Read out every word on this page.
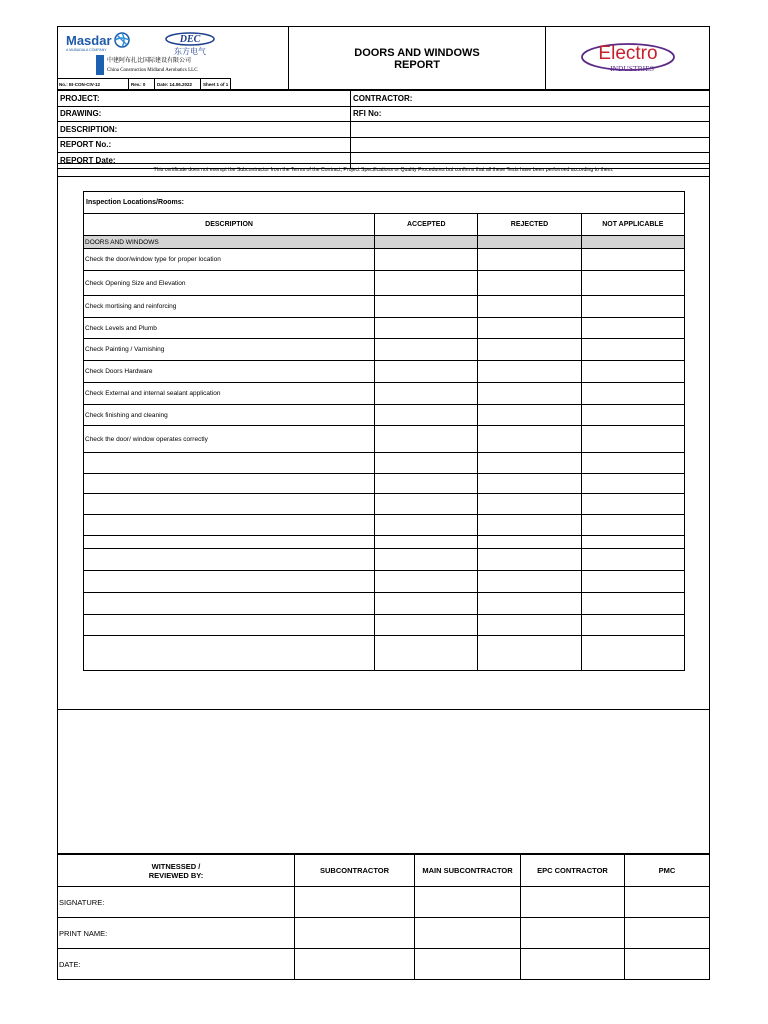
Masdar
A MUBADALA COMPANY
DEC
东方电气
中建阿布扎比国际建设有限公司
China Construction Midland Aerobatics LLC
DOORS AND WINDOWS
REPORT
Electro
INDUSTRIES
No.: EI-CON-CIV-12	Rev.: 0	Date: 14.06.2022	Sheet 1 of 1
PROJECT:	CONTRACTOR:
DRAWING:	RFI No:
DESCRIPTION:	
REPORT No.:	
REPORT Date:	
This certificate does not exempt the Subcontractor from the Terms of the Contract, Project Specifications or Quality Procedures but confirms that all these Tests have been performed according to them.
Inspection Locations/Rooms:
DESCRIPTION	ACCEPTED	REJECTED	NOT APPLICABLE
DOORS AND WINDOWS			
Check the door/window type for proper location			
Check Opening Size and Elevation			
Check mortising and reinforcing			
Check Levels and Plumb			
Check Painting / Varnishing			
Check Doors Hardware			
Check External and internal sealant application			
Check finishing and cleaning			
Check the door/ window operates correctly			

WITNESSED /
REVIEWED BY:	SUBCONTRACTOR	MAIN SUBCONTRACTOR	EPC CONTRACTOR	PMC
SIGNATURE:				
PRINT NAME:				
DATE:				
